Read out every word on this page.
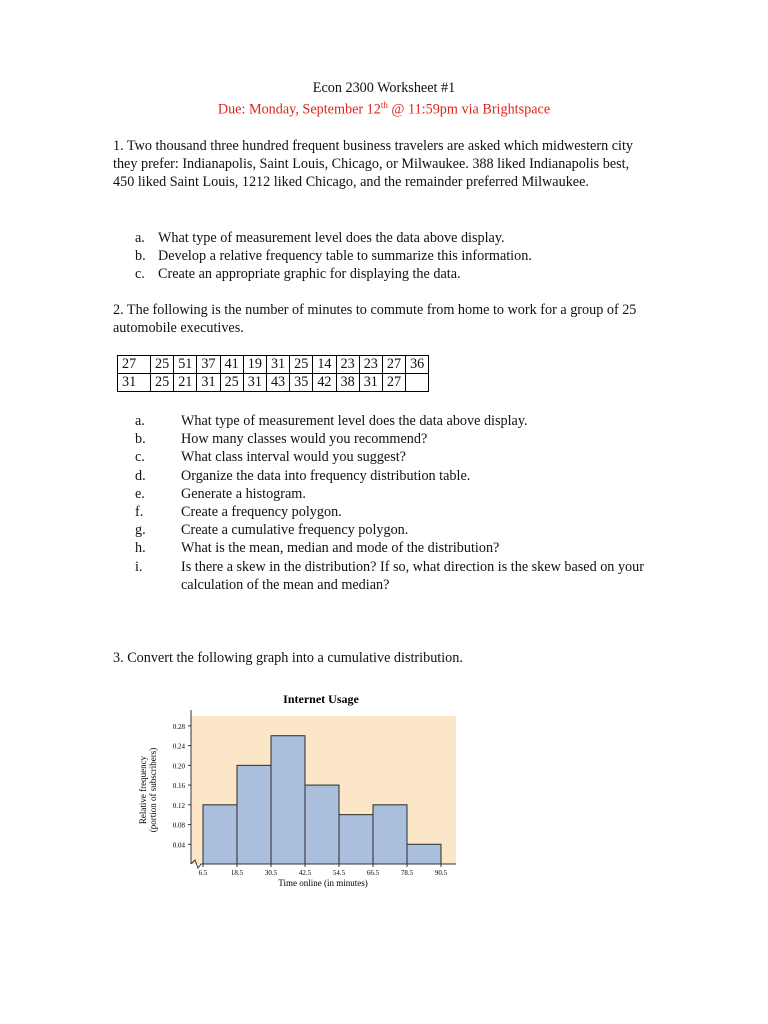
Econ 2300 Worksheet #1
Due: Monday, September 12th @ 11:59pm via Brightspace

1. Two thousand three hundred frequent business travelers are asked which midwestern city they prefer: Indianapolis, Saint Louis, Chicago, or Milwaukee. 388 liked Indianapolis best, 450 liked Saint Louis, 1212 liked Chicago, and the remainder preferred Milwaukee.

a. What type of measurement level does the data above display.
b. Develop a relative frequency table to summarize this information.
c. Create an appropriate graphic for displaying the data.

2. The following is the number of minutes to commute from home to work for a group of 25 automobile executives.

27	25	51	37	41	19	31	25	14	23	23	27	36
31	25	21	31	25	31	43	35	42	38	31	27	
a.	What type of measurement level does the data above display.
b.	How many classes would you recommend?
c.	What class interval would you suggest?
d.	Organize the data into frequency distribution table.
e.	Generate a histogram.
f.	Create a frequency polygon.
g.	Create a cumulative frequency polygon.
h.	What is the mean, median and mode of the distribution?
i.	Is there a skew in the distribution? If so, what direction is the skew based on your calculation of the mean and median?

3. Convert the following graph into a cumulative distribution.

0.04
0.08
0.12
0.16
0.20
0.24
0.28
6.5	18.5	30.5	42.5	54.5	66.5	78.5	90.5
Internet Usage
Time online (in minutes)
Relative frequency (portion of subscribers)
